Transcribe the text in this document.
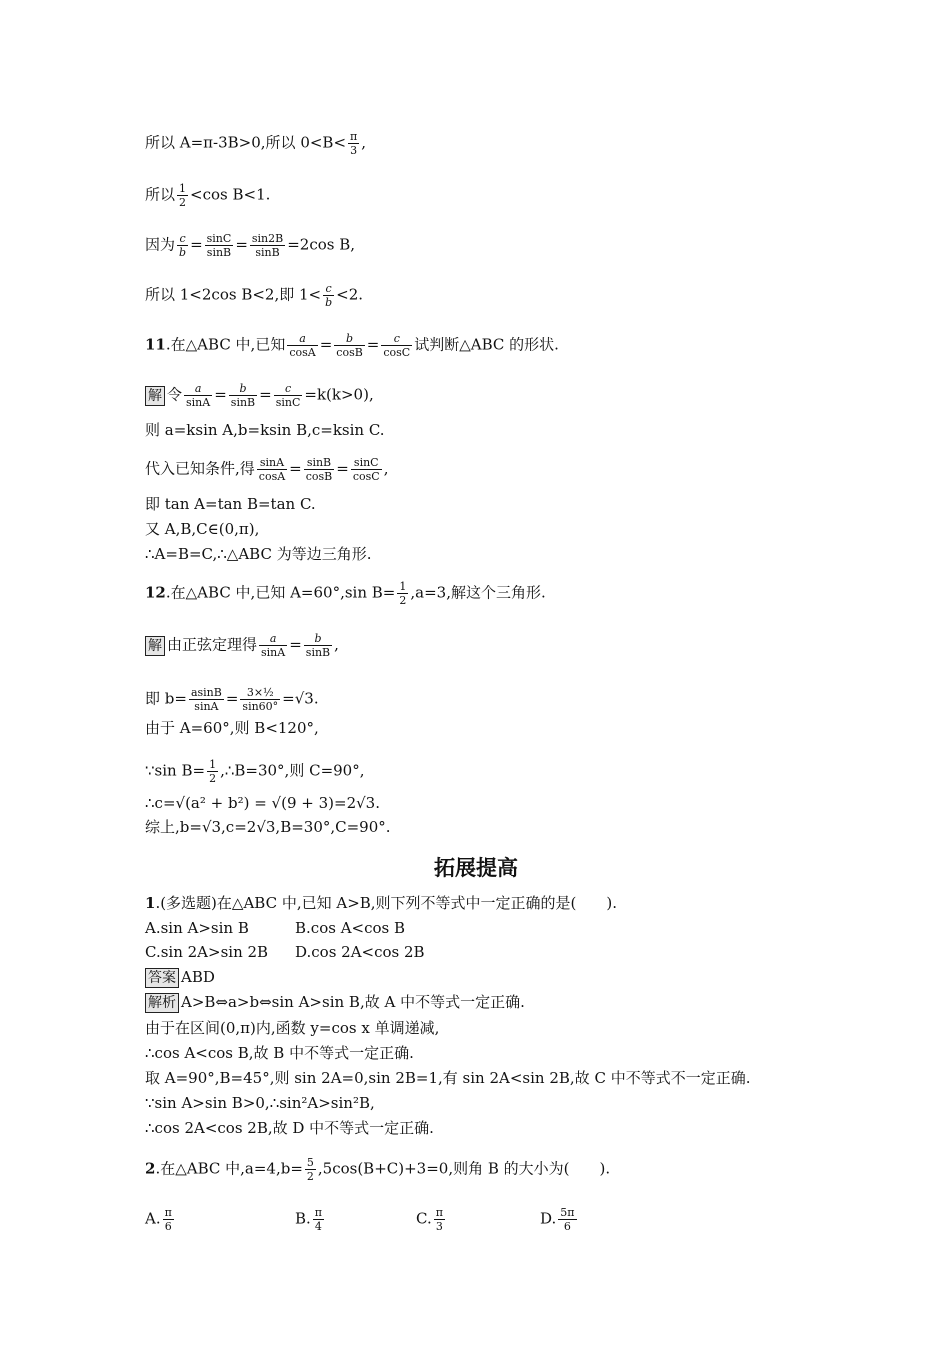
所以 A=π-3B>0,所以 $0<B< \frac{\pi}{3}$ ,
所以 $\frac{1}{2} <\cos$ B<1.
因为 $\frac{c}{b} = \frac{\sin C}{\sin B} = \frac{\sin 2B}{\sin B} =2\cos$ B,
所以 1<2cos B<2,即 $1< \frac{c}{b} <2$.
11.在△ABC 中,已知 $\frac{a}{\cos A} = \frac{b}{\cos B} = \frac{c}{\cos C}$ 试判断△ABC 的形状.
解 令 $\frac{a}{\sin A} = \frac{b}{\sin B} = \frac{c}{\sin C} =k(k>0)$,
则 a=ksin A,b=ksin B,c=ksin C.
代入已知条件,得 $\frac{\sin A}{\cos A} = \frac{\sin B}{\cos B} = \frac{\sin C}{\cos C}$ ,
即 tan A=tan B=tan C.
又 A,B,C∈(0,π),
∴A=B=C,∴△ABC 为等边三角形.
12.在△ABC 中,已知 A=60°,sin $B= \frac{1}{2} ,a=3$,解这个三角形.
解 由正弦定理得 $\frac{a}{\sin A} = \frac{b}{\sin B}$ ,
即 $b= \frac{asinB}{\sin A} = \frac{\text{3×½}}{\sin 60^\circ} =√3$.
由于 A=60°,则 B<120°,
∵sin $B= \frac{1}{2}$ ,∴B=30°,则 C=90°,
∴c=√(a² + b²) = √(9 + 3)=2√3.
综上,b=√3,c=2√3,B=30°,C=90°.
拓展提高
1.(多选题)在△ABC 中,已知 A>B,则下列不等式中一定正确的是(　　).
A.sin A>sin B	B.cos A<cos B
C.sin 2A>sin 2B D.cos 2A<cos 2B
答案 ABD
解析 A>B⇔a>b⇔sin A>sin B,故 A 中不等式一定正确.
由于在区间(0,π)内,函数 y=cos x 单调递减,
∴cos A<cos B,故 B 中不等式一定正确.
取 A=90°,B=45°,则 sin 2A=0,sin 2B=1,有 sin 2A<sin 2B,故 C 中不等式不一定正确.
∵sin A>sin B>0,∴sin²A>sin²B,
∴cos 2A<cos 2B,故 D 中不等式一定正确.
2.在△ABC 中$,a=4,b= \frac{5}{2} ,5\cos(B+C)+3=0$,则角 B 的大小为(　　).
A. $\frac{\pi}{6}$	B. $\frac{\pi}{4}$	C. $\frac{\pi}{3}$	D. $\frac{5\pi}{6}$
